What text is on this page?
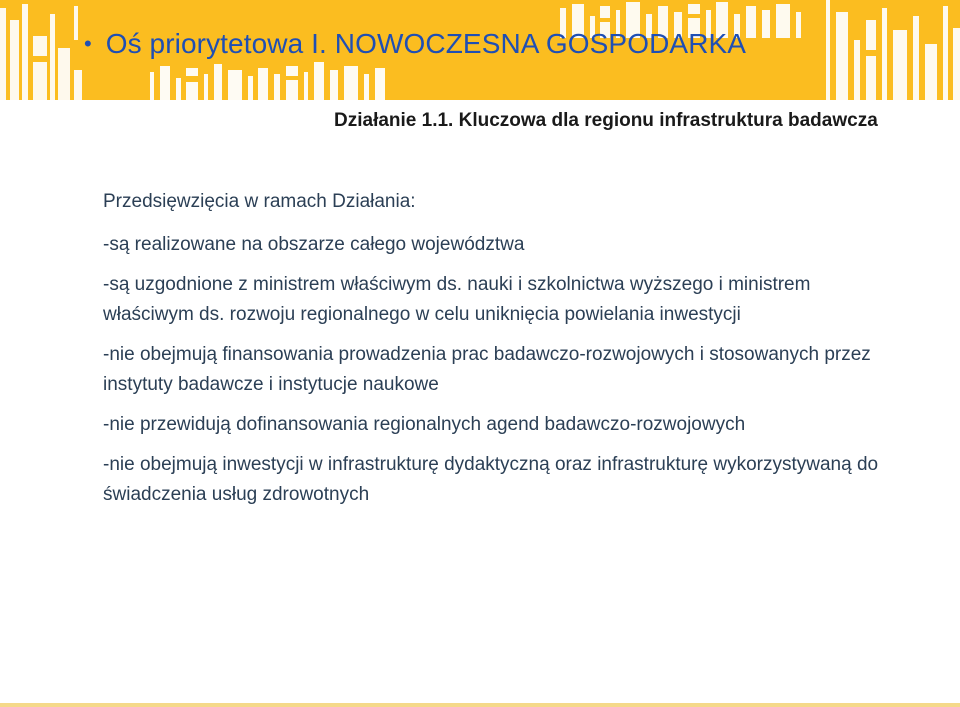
• Oś priorytetowa I. NOWOCZESNA GOSPODARKA
Działanie 1.1. Kluczowa dla regionu infrastruktura badawcza

Przedsięwzięcia w ramach Działania:

-są realizowane na obszarze całego województwa

-są uzgodnione z ministrem właściwym ds. nauki i szkolnictwa wyższego i ministrem właściwym ds. rozwoju regionalnego w celu uniknięcia powielania inwestycji

-nie obejmują finansowania prowadzenia prac badawczo-rozwojowych i stosowanych przez instytuty badawcze i instytucje naukowe

-nie przewidują dofinansowania regionalnych agend badawczo-rozwojowych

-nie obejmują inwestycji w infrastrukturę dydaktyczną oraz infrastrukturę wykorzystywaną do świadczenia usług zdrowotnych
